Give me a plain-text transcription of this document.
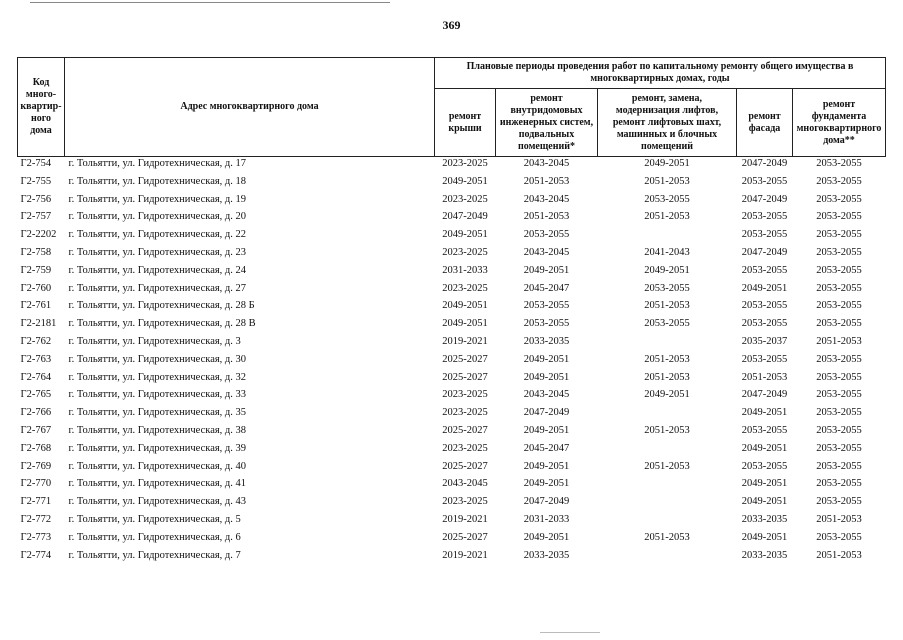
369
Код много-квартир-ного дома	Адрес многоквартирного дома	Плановые периоды проведения работ по капитальному ремонту общего имущества в многоквартирных домах, годы				
		ремонт крыши	ремонт внутридомовых инженерных систем, подвальных помещений*	ремонт, замена, модернизация лифтов, ремонт лифтовых шахт, машинных и блочных помещений	ремонт фасада	ремонт фундамента многоквартирного дома**
Г2-754	г. Тольятти, ул. Гидротехническая, д. 17	2023-2025	2043-2045	2049-2051	2047-2049	2053-2055
Г2-755	г. Тольятти, ул. Гидротехническая, д. 18	2049-2051	2051-2053	2051-2053	2053-2055	2053-2055
Г2-756	г. Тольятти, ул. Гидротехническая, д. 19	2023-2025	2043-2045	2053-2055	2047-2049	2053-2055
Г2-757	г. Тольятти, ул. Гидротехническая, д. 20	2047-2049	2051-2053	2051-2053	2053-2055	2053-2055
Г2-2202	г. Тольятти, ул. Гидротехническая, д. 22	2049-2051	2053-2055		2053-2055	2053-2055
Г2-758	г. Тольятти, ул. Гидротехническая, д. 23	2023-2025	2043-2045	2041-2043	2047-2049	2053-2055
Г2-759	г. Тольятти, ул. Гидротехническая, д. 24	2031-2033	2049-2051	2049-2051	2053-2055	2053-2055
Г2-760	г. Тольятти, ул. Гидротехническая, д. 27	2023-2025	2045-2047	2053-2055	2049-2051	2053-2055
Г2-761	г. Тольятти, ул. Гидротехническая, д. 28 Б	2049-2051	2053-2055	2051-2053	2053-2055	2053-2055
Г2-2181	г. Тольятти, ул. Гидротехническая, д. 28 В	2049-2051	2053-2055	2053-2055	2053-2055	2053-2055
Г2-762	г. Тольятти, ул. Гидротехническая, д. 3	2019-2021	2033-2035		2035-2037	2051-2053
Г2-763	г. Тольятти, ул. Гидротехническая, д. 30	2025-2027	2049-2051	2051-2053	2053-2055	2053-2055
Г2-764	г. Тольятти, ул. Гидротехническая, д. 32	2025-2027	2049-2051	2051-2053	2051-2053	2053-2055
Г2-765	г. Тольятти, ул. Гидротехническая, д. 33	2023-2025	2043-2045	2049-2051	2047-2049	2053-2055
Г2-766	г. Тольятти, ул. Гидротехническая, д. 35	2023-2025	2047-2049		2049-2051	2053-2055
Г2-767	г. Тольятти, ул. Гидротехническая, д. 38	2025-2027	2049-2051	2051-2053	2053-2055	2053-2055
Г2-768	г. Тольятти, ул. Гидротехническая, д. 39	2023-2025	2045-2047		2049-2051	2053-2055
Г2-769	г. Тольятти, ул. Гидротехническая, д. 40	2025-2027	2049-2051	2051-2053	2053-2055	2053-2055
Г2-770	г. Тольятти, ул. Гидротехническая, д. 41	2043-2045	2049-2051		2049-2051	2053-2055
Г2-771	г. Тольятти, ул. Гидротехническая, д. 43	2023-2025	2047-2049		2049-2051	2053-2055
Г2-772	г. Тольятти, ул. Гидротехническая, д. 5	2019-2021	2031-2033		2033-2035	2051-2053
Г2-773	г. Тольятти, ул. Гидротехническая, д. 6	2025-2027	2049-2051	2051-2053	2049-2051	2053-2055
Г2-774	г. Тольятти, ул. Гидротехническая, д. 7	2019-2021	2033-2035		2033-2035	2051-2053
